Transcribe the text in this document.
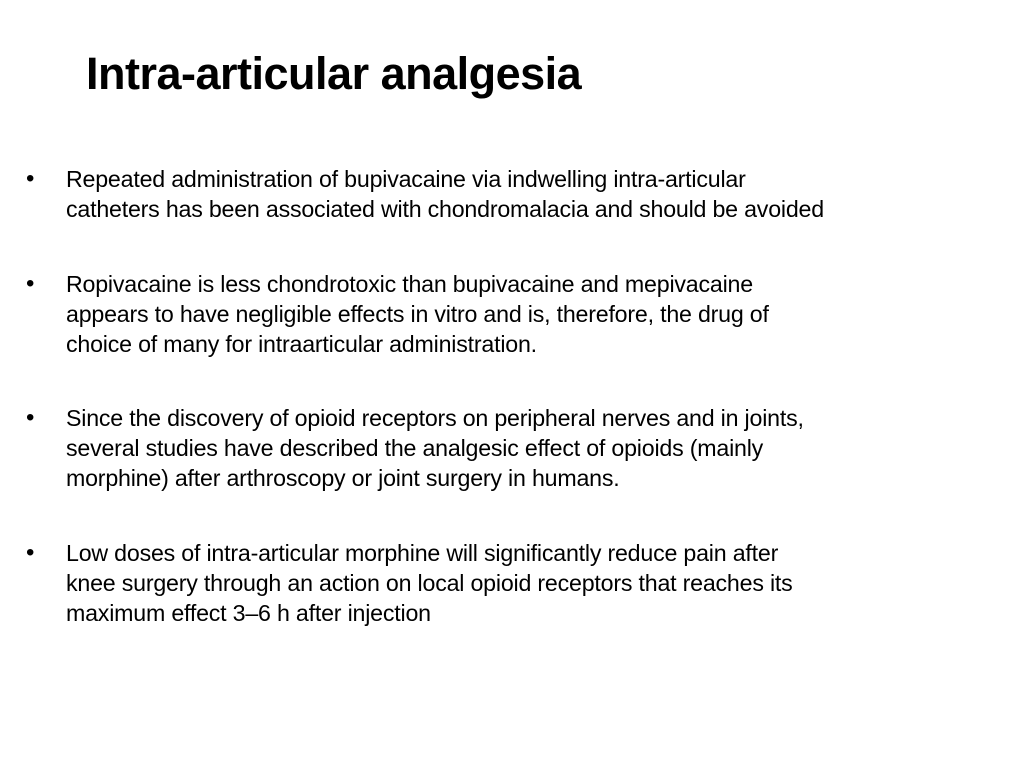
Intra-articular analgesia
• Repeated administration of bupivacaine via indwelling intra-articular
catheters has been associated with chondromalacia and should be avoided
• Ropivacaine is less chondrotoxic than bupivacaine and mepivacaine
appears to have negligible effects in vitro and is, therefore, the drug of
choice of many for intraarticular administration.
• Since the discovery of opioid receptors on peripheral nerves and in joints,
several studies have described the analgesic effect of opioids (mainly
morphine) after arthroscopy or joint surgery in humans.
• Low doses of intra-articular morphine will significantly reduce pain after
knee surgery through an action on local opioid receptors that reaches its
maximum effect 3–6 h after injection
